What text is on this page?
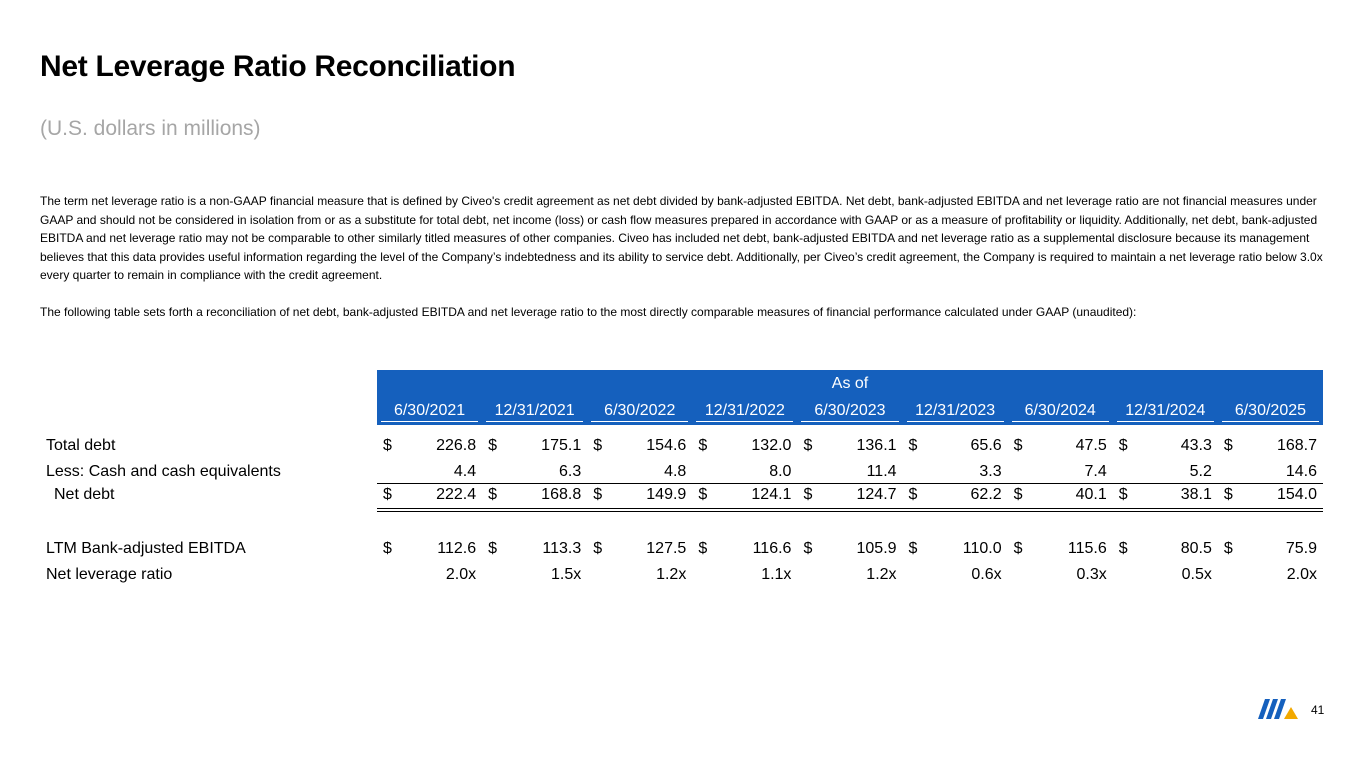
Net Leverage Ratio Reconciliation
(U.S. dollars in millions)

The term net leverage ratio is a non-GAAP financial measure that is defined by Civeo's credit agreement as net debt divided by bank-adjusted EBITDA. Net debt, bank-adjusted EBITDA and net leverage ratio are not financial measures under GAAP and should not be considered in isolation from or as a substitute for total debt, net income (loss) or cash flow measures prepared in accordance with GAAP or as a measure of profitability or liquidity. Additionally, net debt, bank-adjusted EBITDA and net leverage ratio may not be comparable to other similarly titled measures of other companies. Civeo has included net debt, bank-adjusted EBITDA and net leverage ratio as a supplemental disclosure because its management believes that this data provides useful information regarding the level of the Company’s indebtedness and its ability to service debt. Additionally, per Civeo’s credit agreement, the Company is required to maintain a net leverage ratio below 3.0x every quarter to remain in compliance with the credit agreement.

The following table sets forth a reconciliation of net debt, bank-adjusted EBITDA and net leverage ratio to the most directly comparable measures of financial performance calculated under GAAP (unaudited):

As of
6/30/2021	12/31/2021	6/30/2022	12/31/2022	6/30/2023	12/31/2023	6/30/2024	12/31/2024	6/30/2025
Total debt	$	226.8 $	175.1 $	154.6 $	132.0 $	136.1 $	65.6 $	47.5 $	43.3 $	168.7
Less: Cash and cash equivalents	4.4	6.3	4.8	8.0	11.4	3.3	7.4	5.2	14.6
Net debt	$	222.4 $	168.8 $	149.9 $	124.1 $	124.7 $	62.2 $	40.1 $	38.1 $	154.0
LTM Bank-adjusted EBITDA	$	112.6 $	113.3 $	127.5 $	116.6 $	105.9 $	110.0 $	115.6 $	80.5 $	75.9
Net leverage ratio	2.0x	1.5x	1.2x	1.1x	1.2x	0.6x	0.3x	0.5x	2.0x
41
